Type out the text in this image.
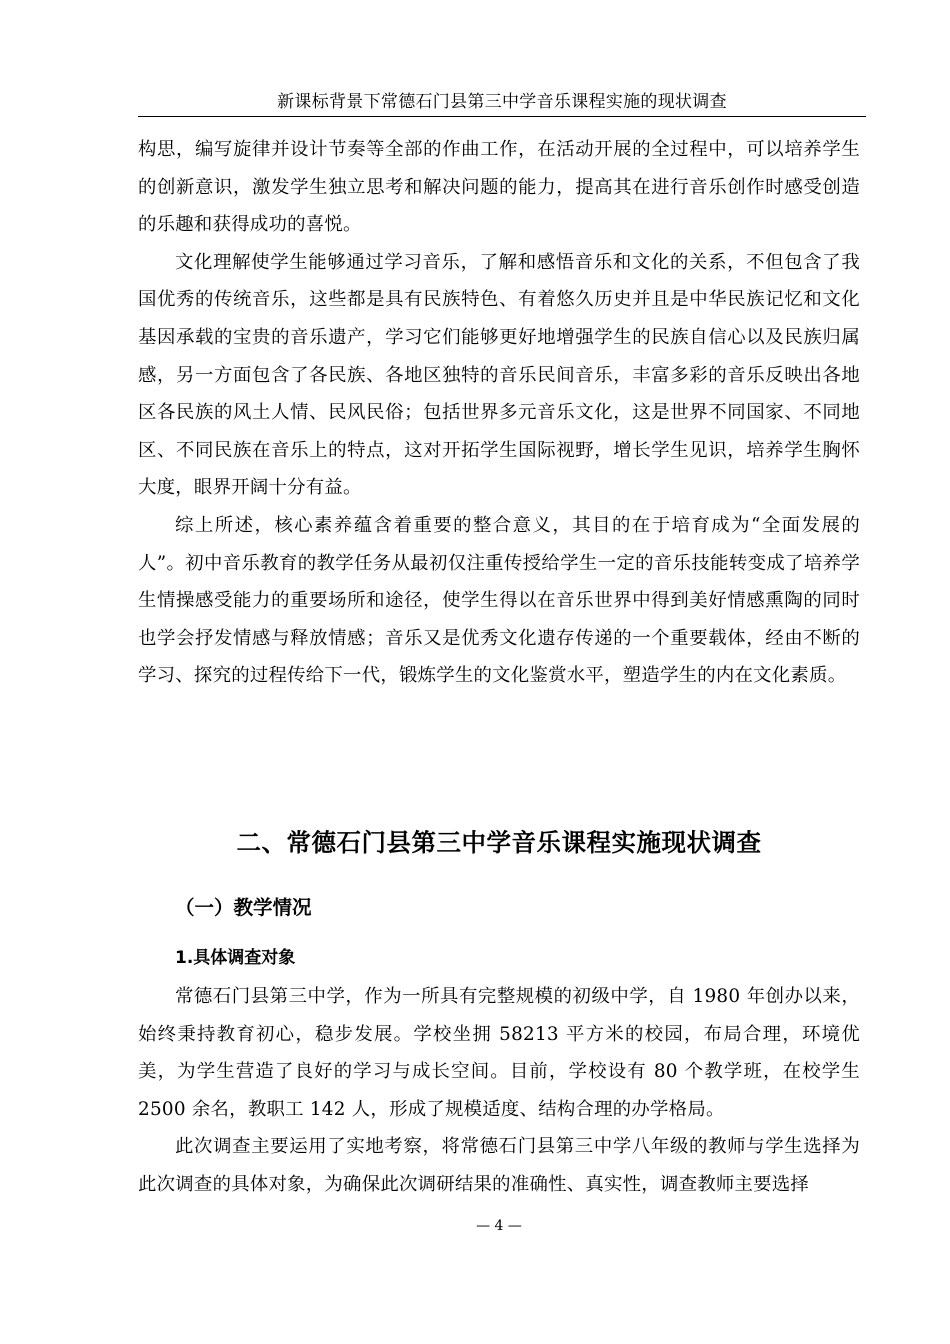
新课标背景下常德石门县第三中学音乐课程实施的现状调查

构思，编写旋律并设计节奏等全部的作曲工作，在活动开展的全过程中，可以培养学生的创新意识，激发学生独立思考和解决问题的能力，提高其在进行音乐创作时感受创造的乐趣和获得成功的喜悦。

文化理解使学生能够通过学习音乐，了解和感悟音乐和文化的关系，不但包含了我国优秀的传统音乐，这些都是具有民族特色、有着悠久历史并且是中华民族记忆和文化基因承载的宝贵的音乐遗产，学习它们能够更好地增强学生的民族自信心以及民族归属感，另一方面包含了各民族、各地区独特的音乐民间音乐，丰富多彩的音乐反映出各地区各民族的风土人情、民风民俗；包括世界多元音乐文化，这是世界不同国家、不同地区、不同民族在音乐上的特点，这对开拓学生国际视野，增长学生见识，培养学生胸怀大度，眼界开阔十分有益。

综上所述，核心素养蕴含着重要的整合意义，其目的在于培育成为“全面发展的人”。初中音乐教育的教学任务从最初仅注重传授给学生一定的音乐技能转变成了培养学生情操感受能力的重要场所和途径，使学生得以在音乐世界中得到美好情感熏陶的同时也学会抒发情感与释放情感；音乐又是优秀文化遗存传递的一个重要载体，经由不断的学习、探究的过程传给下一代，锻炼学生的文化鉴赏水平，塑造学生的内在文化素质。

二、常德石门县第三中学音乐课程实施现状调查
（一）教学情况
1.具体调查对象

常德石门县第三中学，作为一所具有完整规模的初级中学，自 1980 年创办以来，始终秉持教育初心，稳步发展。学校坐拥 58213 平方米的校园，布局合理，环境优美，为学生营造了良好的学习与成长空间。目前，学校设有 80 个教学班，在校学生 2500 余名，教职工 142 人，形成了规模适度、结构合理的办学格局。

此次调查主要运用了实地考察，将常德石门县第三中学八年级的教师与学生选择为此次调查的具体对象，为确保此次调研结果的准确性、真实性，调查教师主要选择

— 4 —
